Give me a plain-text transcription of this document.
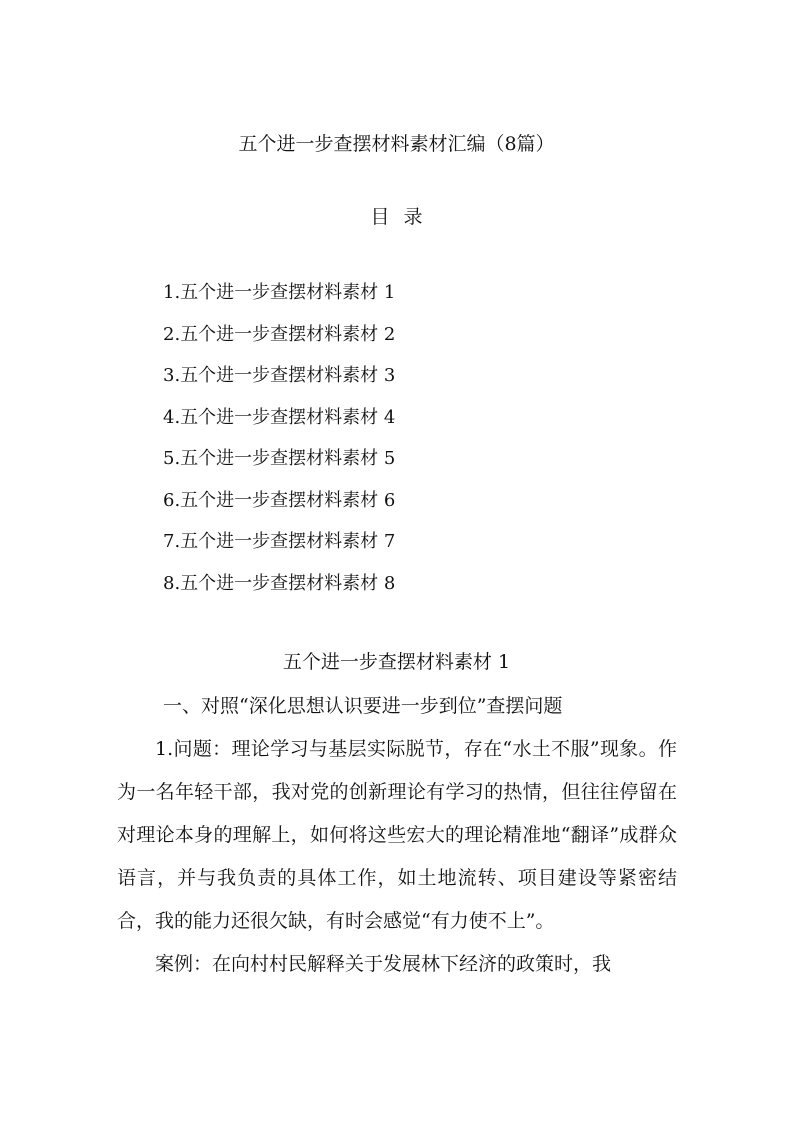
五个进一步查摆材料素材汇编（8篇）
目录
1.五个进一步查摆材料素材 1
2.五个进一步查摆材料素材 2
3.五个进一步查摆材料素材 3
4.五个进一步查摆材料素材 4
5.五个进一步查摆材料素材 5
6.五个进一步查摆材料素材 6
7.五个进一步查摆材料素材 7
8.五个进一步查摆材料素材 8
五个进一步查摆材料素材 1

一、对照“深化思想认识要进一步到位”查摆问题

1.问题：理论学习与基层实际脱节，存在“水土不服”现象。作为一名年轻干部，我对党的创新理论有学习的热情，但往往停留在对理论本身的理解上，如何将这些宏大的理论精准地“翻译”成群众语言，并与我负责的具体工作，如土地流转、项目建设等紧密结合，我的能力还很欠缺，有时会感觉“有力使不上”。

案例：在向村村民解释关于发展林下经济的政策时，我
